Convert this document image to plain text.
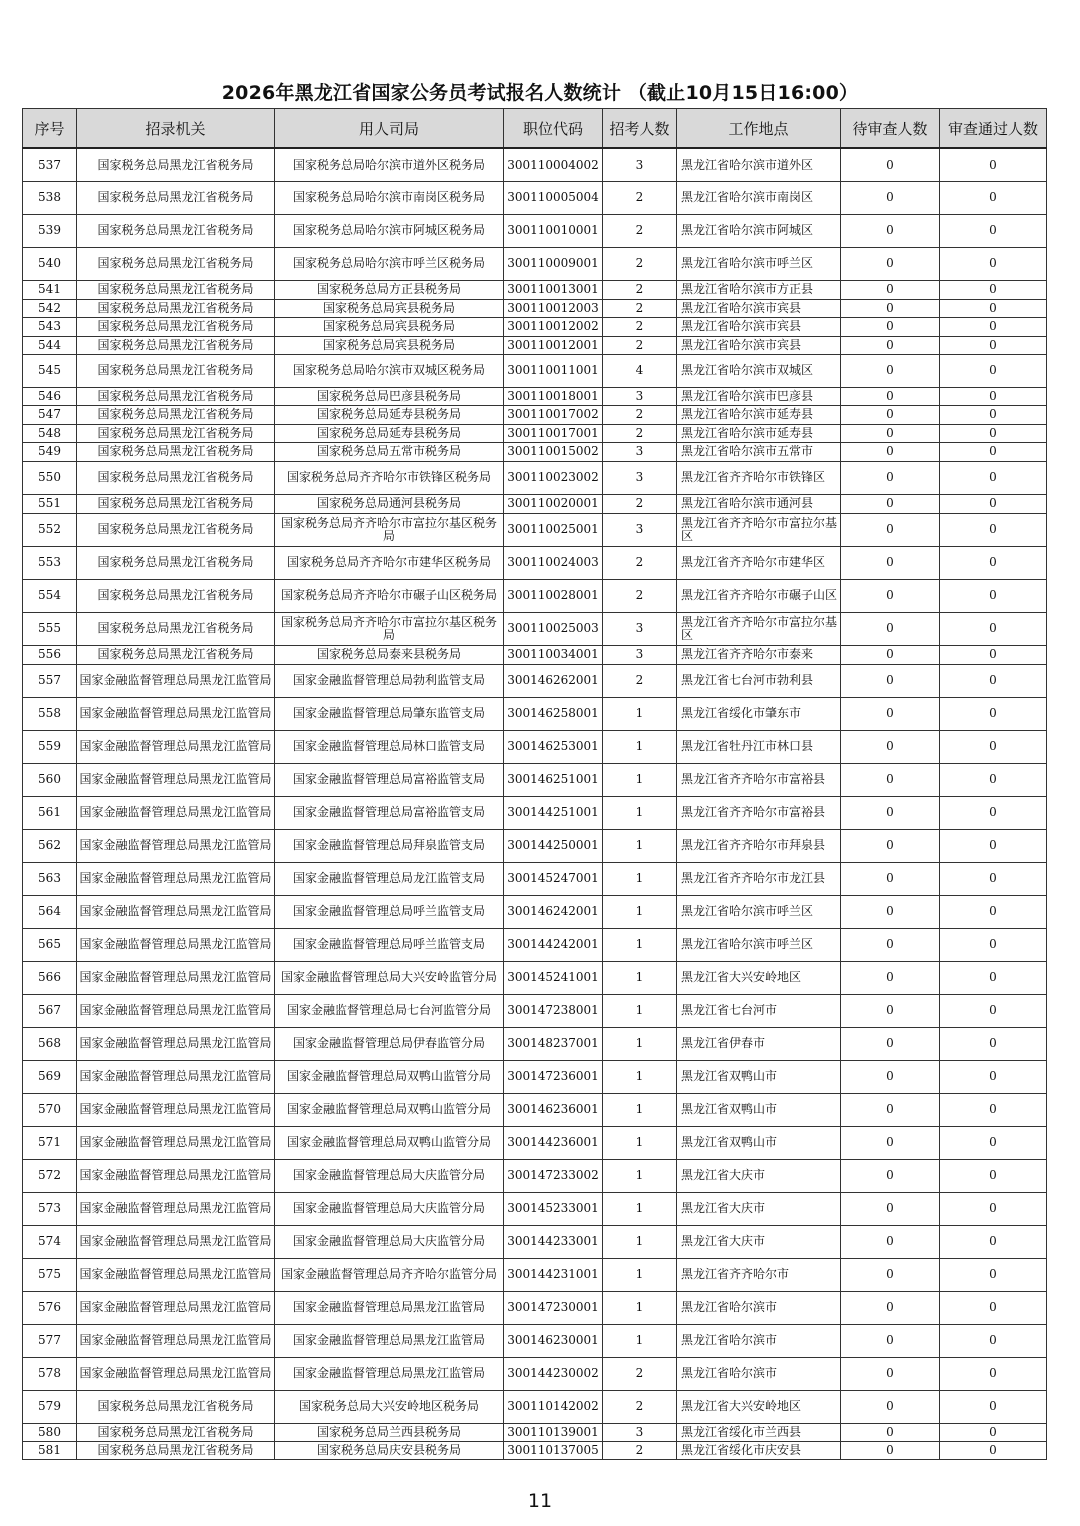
2026年黑龙江省国家公务员考试报名人数统计 （截止10月15日16:00）
序号	招录机关	用人司局	职位代码	招考人数	工作地点	待审查人数	审查通过人数
537	国家税务总局黑龙江省税务局	国家税务总局哈尔滨市道外区税务局	300110004002	3	黑龙江省哈尔滨市道外区	0	0
538	国家税务总局黑龙江省税务局	国家税务总局哈尔滨市南岗区税务局	300110005004	2	黑龙江省哈尔滨市南岗区	0	0
539	国家税务总局黑龙江省税务局	国家税务总局哈尔滨市阿城区税务局	300110010001	2	黑龙江省哈尔滨市阿城区	0	0
540	国家税务总局黑龙江省税务局	国家税务总局哈尔滨市呼兰区税务局	300110009001	2	黑龙江省哈尔滨市呼兰区	0	0
541	国家税务总局黑龙江省税务局	国家税务总局方正县税务局	300110013001	2	黑龙江省哈尔滨市方正县	0	0
542	国家税务总局黑龙江省税务局	国家税务总局宾县税务局	300110012003	2	黑龙江省哈尔滨市宾县	0	0
543	国家税务总局黑龙江省税务局	国家税务总局宾县税务局	300110012002	2	黑龙江省哈尔滨市宾县	0	0
544	国家税务总局黑龙江省税务局	国家税务总局宾县税务局	300110012001	2	黑龙江省哈尔滨市宾县	0	0
545	国家税务总局黑龙江省税务局	国家税务总局哈尔滨市双城区税务局	300110011001	4	黑龙江省哈尔滨市双城区	0	0
546	国家税务总局黑龙江省税务局	国家税务总局巴彦县税务局	300110018001	3	黑龙江省哈尔滨市巴彦县	0	0
547	国家税务总局黑龙江省税务局	国家税务总局延寿县税务局	300110017002	2	黑龙江省哈尔滨市延寿县	0	0
548	国家税务总局黑龙江省税务局	国家税务总局延寿县税务局	300110017001	2	黑龙江省哈尔滨市延寿县	0	0
549	国家税务总局黑龙江省税务局	国家税务总局五常市税务局	300110015002	3	黑龙江省哈尔滨市五常市	0	0
550	国家税务总局黑龙江省税务局	国家税务总局齐齐哈尔市铁锋区税务局	300110023002	3	黑龙江省齐齐哈尔市铁锋区	0	0
551	国家税务总局黑龙江省税务局	国家税务总局通河县税务局	300110020001	2	黑龙江省哈尔滨市通河县	0	0
552	国家税务总局黑龙江省税务局	国家税务总局齐齐哈尔市富拉尔基区税务局	300110025001	3	黑龙江省齐齐哈尔市富拉尔基区	0	0
553	国家税务总局黑龙江省税务局	国家税务总局齐齐哈尔市建华区税务局	300110024003	2	黑龙江省齐齐哈尔市建华区	0	0
554	国家税务总局黑龙江省税务局	国家税务总局齐齐哈尔市碾子山区税务局	300110028001	2	黑龙江省齐齐哈尔市碾子山区	0	0
555	国家税务总局黑龙江省税务局	国家税务总局齐齐哈尔市富拉尔基区税务局	300110025003	3	黑龙江省齐齐哈尔市富拉尔基区	0	0
556	国家税务总局黑龙江省税务局	国家税务总局泰来县税务局	300110034001	3	黑龙江省齐齐哈尔市泰来	0	0
557	国家金融监督管理总局黑龙江监管局	国家金融监督管理总局勃利监管支局	300146262001	2	黑龙江省七台河市勃利县	0	0
558	国家金融监督管理总局黑龙江监管局	国家金融监督管理总局肇东监管支局	300146258001	1	黑龙江省绥化市肇东市	0	0
559	国家金融监督管理总局黑龙江监管局	国家金融监督管理总局林口监管支局	300146253001	1	黑龙江省牡丹江市林口县	0	0
560	国家金融监督管理总局黑龙江监管局	国家金融监督管理总局富裕监管支局	300146251001	1	黑龙江省齐齐哈尔市富裕县	0	0
561	国家金融监督管理总局黑龙江监管局	国家金融监督管理总局富裕监管支局	300144251001	1	黑龙江省齐齐哈尔市富裕县	0	0
562	国家金融监督管理总局黑龙江监管局	国家金融监督管理总局拜泉监管支局	300144250001	1	黑龙江省齐齐哈尔市拜泉县	0	0
563	国家金融监督管理总局黑龙江监管局	国家金融监督管理总局龙江监管支局	300145247001	1	黑龙江省齐齐哈尔市龙江县	0	0
564	国家金融监督管理总局黑龙江监管局	国家金融监督管理总局呼兰监管支局	300146242001	1	黑龙江省哈尔滨市呼兰区	0	0
565	国家金融监督管理总局黑龙江监管局	国家金融监督管理总局呼兰监管支局	300144242001	1	黑龙江省哈尔滨市呼兰区	0	0
566	国家金融监督管理总局黑龙江监管局	国家金融监督管理总局大兴安岭监管分局	300145241001	1	黑龙江省大兴安岭地区	0	0
567	国家金融监督管理总局黑龙江监管局	国家金融监督管理总局七台河监管分局	300147238001	1	黑龙江省七台河市	0	0
568	国家金融监督管理总局黑龙江监管局	国家金融监督管理总局伊春监管分局	300148237001	1	黑龙江省伊春市	0	0
569	国家金融监督管理总局黑龙江监管局	国家金融监督管理总局双鸭山监管分局	300147236001	1	黑龙江省双鸭山市	0	0
570	国家金融监督管理总局黑龙江监管局	国家金融监督管理总局双鸭山监管分局	300146236001	1	黑龙江省双鸭山市	0	0
571	国家金融监督管理总局黑龙江监管局	国家金融监督管理总局双鸭山监管分局	300144236001	1	黑龙江省双鸭山市	0	0
572	国家金融监督管理总局黑龙江监管局	国家金融监督管理总局大庆监管分局	300147233002	1	黑龙江省大庆市	0	0
573	国家金融监督管理总局黑龙江监管局	国家金融监督管理总局大庆监管分局	300145233001	1	黑龙江省大庆市	0	0
574	国家金融监督管理总局黑龙江监管局	国家金融监督管理总局大庆监管分局	300144233001	1	黑龙江省大庆市	0	0
575	国家金融监督管理总局黑龙江监管局	国家金融监督管理总局齐齐哈尔监管分局	300144231001	1	黑龙江省齐齐哈尔市	0	0
576	国家金融监督管理总局黑龙江监管局	国家金融监督管理总局黑龙江监管局	300147230001	1	黑龙江省哈尔滨市	0	0
577	国家金融监督管理总局黑龙江监管局	国家金融监督管理总局黑龙江监管局	300146230001	1	黑龙江省哈尔滨市	0	0
578	国家金融监督管理总局黑龙江监管局	国家金融监督管理总局黑龙江监管局	300144230002	2	黑龙江省哈尔滨市	0	0
579	国家税务总局黑龙江省税务局	国家税务总局大兴安岭地区税务局	300110142002	2	黑龙江省大兴安岭地区	0	0
580	国家税务总局黑龙江省税务局	国家税务总局兰西县税务局	300110139001	3	黑龙江省绥化市兰西县	0	0
581	国家税务总局黑龙江省税务局	国家税务总局庆安县税务局	300110137005	2	黑龙江省绥化市庆安县	0	0
11
